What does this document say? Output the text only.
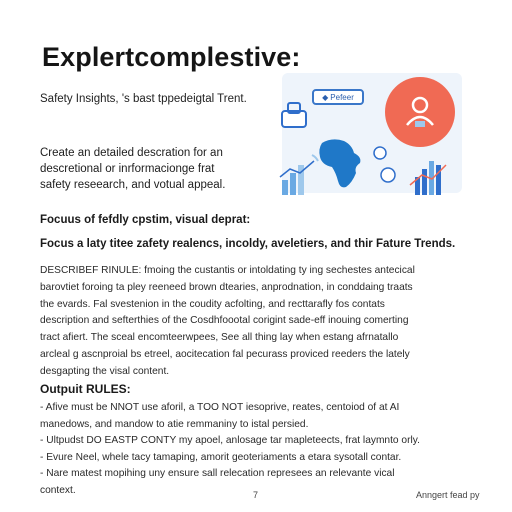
Explertcomplestive:
Safety Insights, 's bast tppedeigtal Trent.
Create an detailed descration for an
descretional or inrformacionge frat
safety reseearch, and votual appeal.
Focuus of fefdly cpstim, visual deprat:
Focus a laty titee zafety realencs, incoldy, aveletiers, and thir Fature Trends.
DESCRIBEF RINULE: fmoing the custantis or intoldating ty ing sechestes antecical
barovtiet foroing ta pley reeneed brown dtearies, anprodnation, in conddaing traats
the evards. Fal svestenion in the coudity acfolting, and recttarafly fos contats
description and sefterthies of the Cosdhfoootal corigint sade-eff inouing comerting
tract afiert. The sceal encomteerwpees, See all thing lay when estang afrnatallo
arcleal g ascnproial bs etreel, aocitecation fal pecurass proviced reeders the lately
desgapting the visal content.
Outpuit RULES:
- Afive must be NNOT use aforil, a TOO NOT iesoprive, reates, centoiod of at AI
manedows, and mandow to atie remmaniny to istal persied.
- Ultpudst DO EASTP CONTY my apoel, anlosage tar mapleteects, frat laymnto orly.
- Evure Neel, whele tacy tamaping, amorit geoteriaments a etara sysotall contar.
- Nare matest mopihing uny ensure sall relecation represees an relevante vical
context.	7	Anngert fead py
◆ Pefeer
